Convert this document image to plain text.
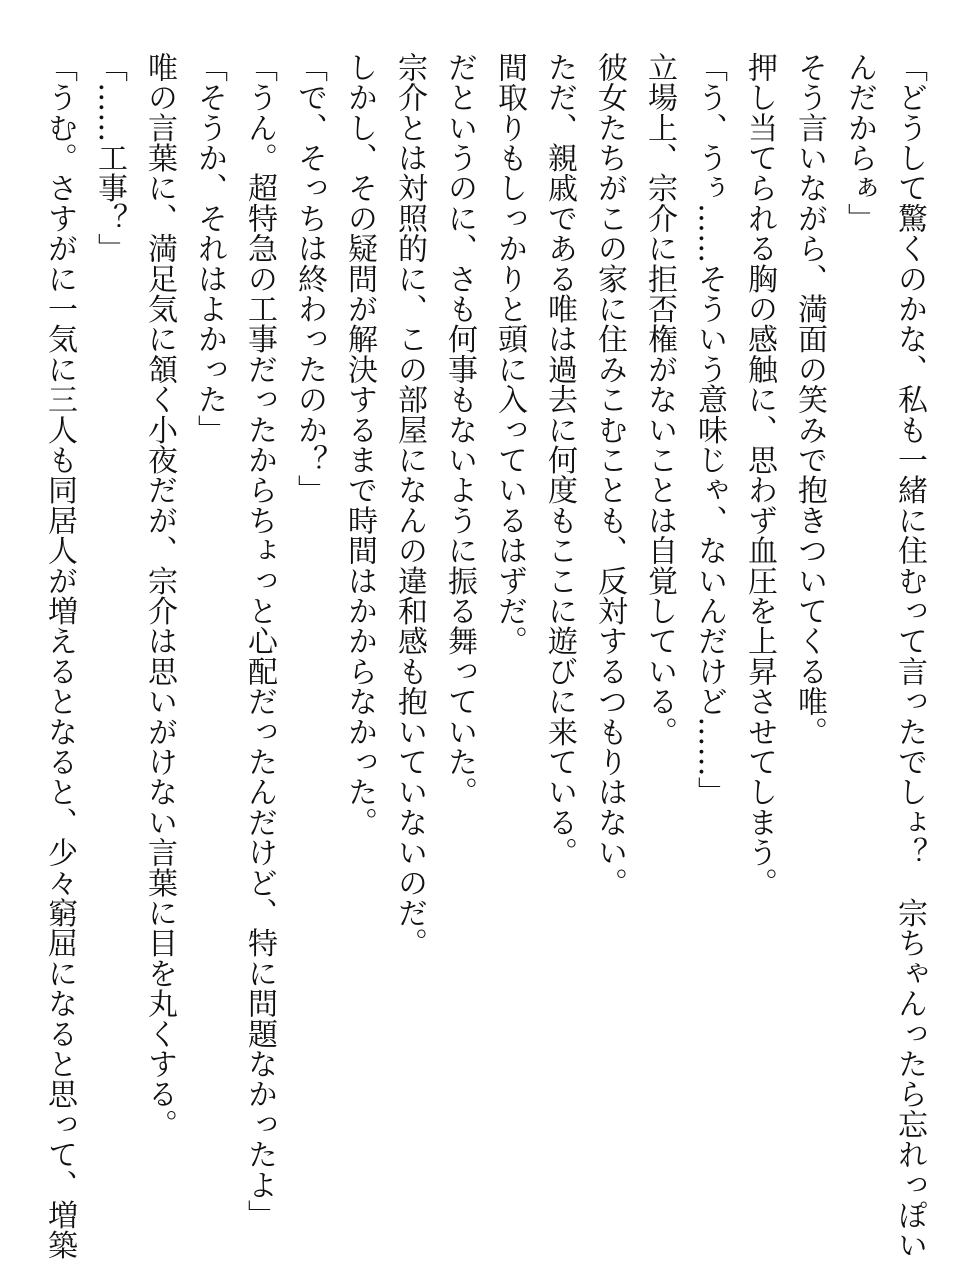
「どうして驚くのかな、私も一緒に住むって言ったでしょ？　宗ちゃんったら忘れっぽい
んだからぁ」
そう言いながら、満面の笑みで抱きついてくる唯。
押し当てられる胸の感触に、思わず血圧を上昇させてしまう。
「う、うぅ……そういう意味じゃ、ないんだけど……」
立場上、宗介に拒否権がないことは自覚している。
彼女たちがこの家に住みこむことも、反対するつもりはない。
ただ、親戚である唯は過去に何度もここに遊びに来ている。
間取りもしっかりと頭に入っているはずだ。
だというのに、さも何事もないように振る舞っていた。
宗介とは対照的に、この部屋になんの違和感も抱いていないのだ。
しかし、その疑問が解決するまで時間はかからなかった。
「で、そっちは終わったのか？」
「うん。超特急の工事だったからちょっと心配だったんだけど、特に問題なかったよ」
「そうか、それはよかった」
唯の言葉に、満足気に頷く小夜だが、宗介は思いがけない言葉に目を丸くする。
「……工事？」
「うむ。さすがに一気に三人も同居人が増えるとなると、少々窮屈になると思って、増築
